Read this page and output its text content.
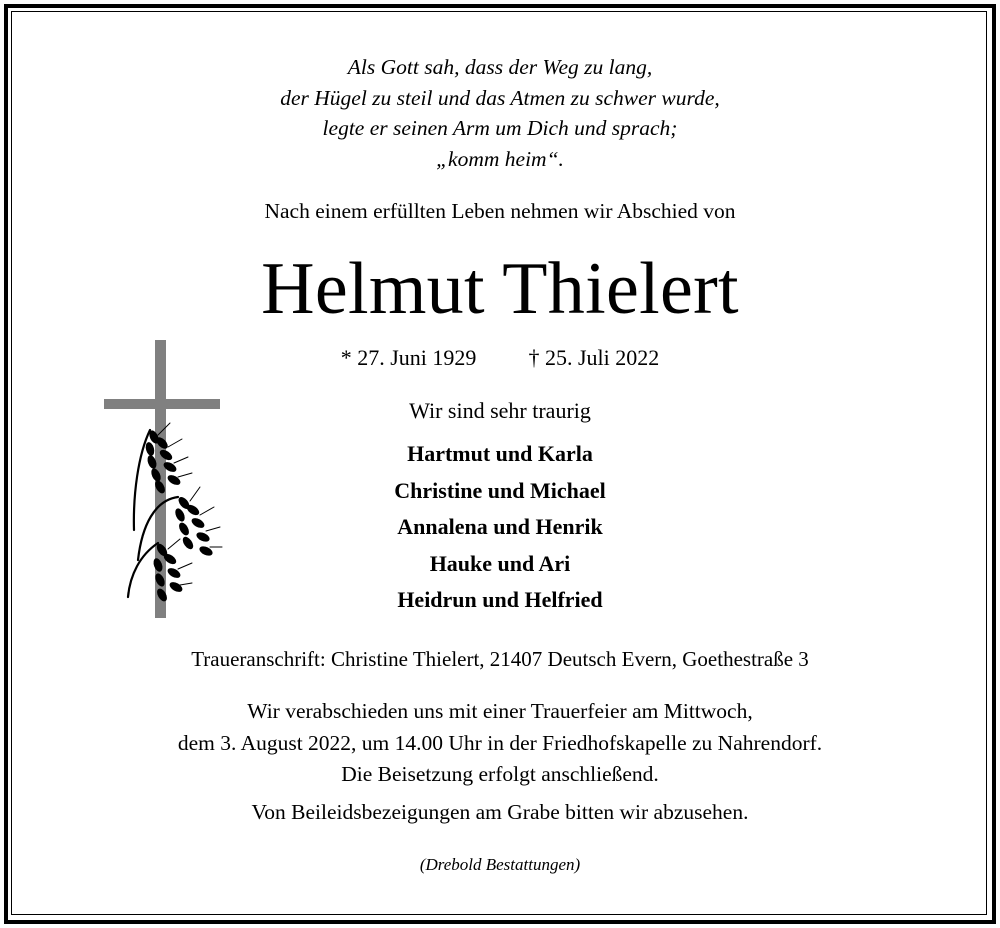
Als Gott sah, dass der Weg zu lang,
der Hügel zu steil und das Atmen zu schwer wurde,
legte er seinen Arm um Dich und sprach;
„komm heim“.
Nach einem erfüllten Leben nehmen wir Abschied von
Helmut Thielert
* 27. Juni 1929 † 25. Juli 2022
Wir sind sehr traurig
Hartmut und Karla
Christine und Michael
Annalena und Henrik
Hauke und Ari
Heidrun und Helfried
Traueranschrift: Christine Thielert, 21407 Deutsch Evern, Goethestraße 3
Wir verabschieden uns mit einer Trauerfeier am Mittwoch,
dem 3. August 2022, um 14.00 Uhr in der Friedhofskapelle zu Nahrendorf.
Die Beisetzung erfolgt anschließend.
Von Beileidsbezeigungen am Grabe bitten wir abzusehen.
(Drebold Bestattungen)
